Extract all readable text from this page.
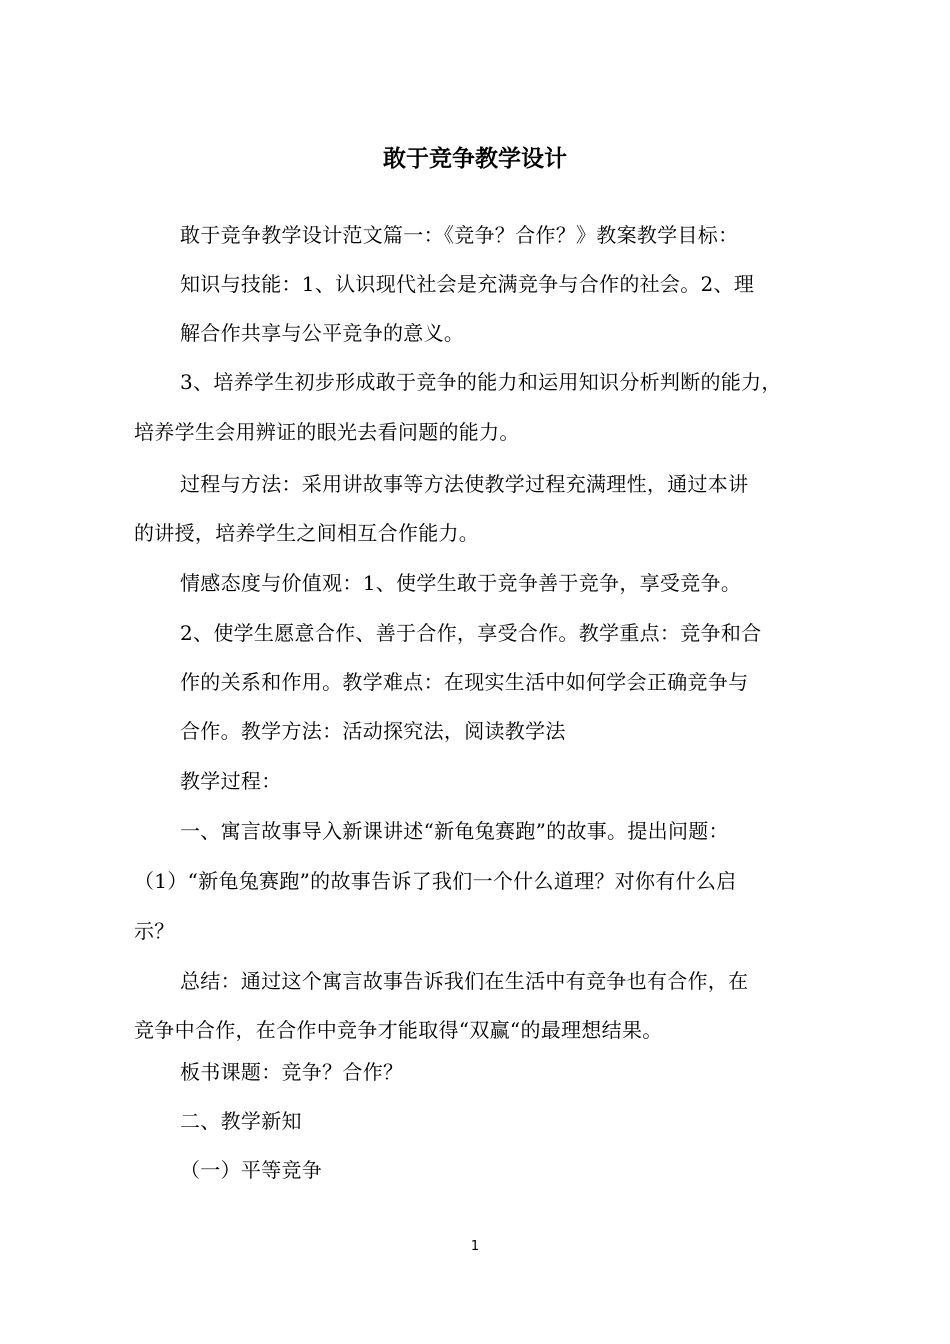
敢于竞争教学设计
敢于竞争教学设计范文篇一：《竞争？合作？》教案教学目标：
知识与技能：1、认识现代社会是充满竞争与合作的社会。2、理
解合作共享与公平竞争的意义。
3、培养学生初步形成敢于竞争的能力和运用知识分析判断的能力，
培养学生会用辨证的眼光去看问题的能力。
过程与方法：采用讲故事等方法使教学过程充满理性，通过本讲
的讲授，培养学生之间相互合作能力。
情感态度与价值观：1、使学生敢于竞争善于竞争，享受竞争。
2、使学生愿意合作、善于合作，享受合作。教学重点：竞争和合
作的关系和作用。教学难点：在现实生活中如何学会正确竞争与
合作。教学方法：活动探究法，阅读教学法
教学过程：
一、寓言故事导入新课讲述“新龟兔赛跑”的故事。提出问题：
（1）“新龟兔赛跑”的故事告诉了我们一个什么道理？对你有什么启
示？
总结：通过这个寓言故事告诉我们在生活中有竞争也有合作，在
竞争中合作，在合作中竞争才能取得“双赢“的最理想结果。
板书课题：竞争？合作？
二、教学新知
（一）平等竞争
1
